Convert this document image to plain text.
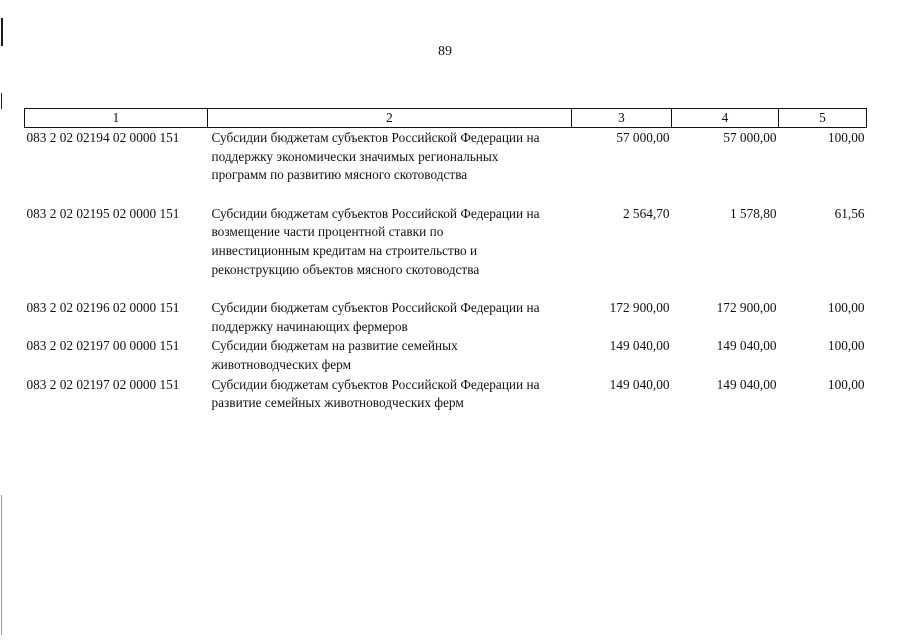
89
1	2	3	4	5
083 2 02 02194 02 0000 151	Субсидии бюджетам субъектов Российской Федерации на поддержку экономически значимых региональных программ по развитию мясного скотоводства	57 000,00	57 000,00	100,00
083 2 02 02195 02 0000 151	Субсидии бюджетам субъектов Российской Федерации на возмещение части процентной ставки по инвестиционным кредитам на строительство и реконструкцию объектов мясного скотоводства	2 564,70	1 578,80	61,56
083 2 02 02196 02 0000 151	Субсидии бюджетам субъектов Российской Федерации на поддержку начинающих фермеров	172 900,00	172 900,00	100,00
083 2 02 02197 00 0000 151	Субсидии бюджетам на развитие семейных животноводческих ферм	149 040,00	149 040,00	100,00
083 2 02 02197 02 0000 151	Субсидии бюджетам субъектов Российской Федерации на развитие семейных животноводческих ферм	149 040,00	149 040,00	100,00
